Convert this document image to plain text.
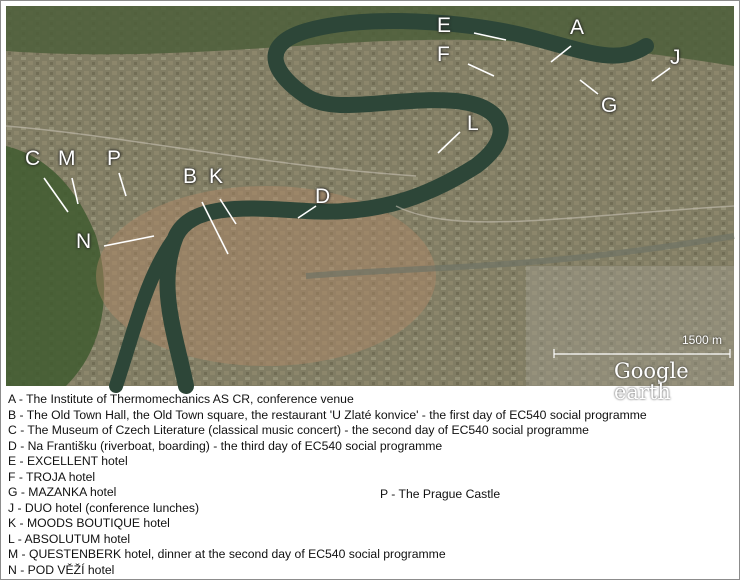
E	A
F	J
G
L
C M P
B K
D
N
1500 m
Google earth
A - The Institute of Thermomechanics AS CR, conference venue
B - The Old Town Hall, the Old Town square, the restaurant 'U Zlaté konvice' - the first day of EC540 social programme
C - The Museum of Czech Literature (classical music concert) - the second day of EC540 social programme
D - Na Františku (riverboat, boarding) - the third day of EC540 social programme
E - EXCELLENT hotel
F - TROJA hotel
G - MAZANKA hotel
J - DUO hotel (conference lunches)
K - MOODS BOUTIQUE hotel
L - ABSOLUTUM hotel
M - QUESTENBERK hotel, dinner at the second day of EC540 social programme
N - POD VĚŽÍ hotel
P - The Prague Castle
